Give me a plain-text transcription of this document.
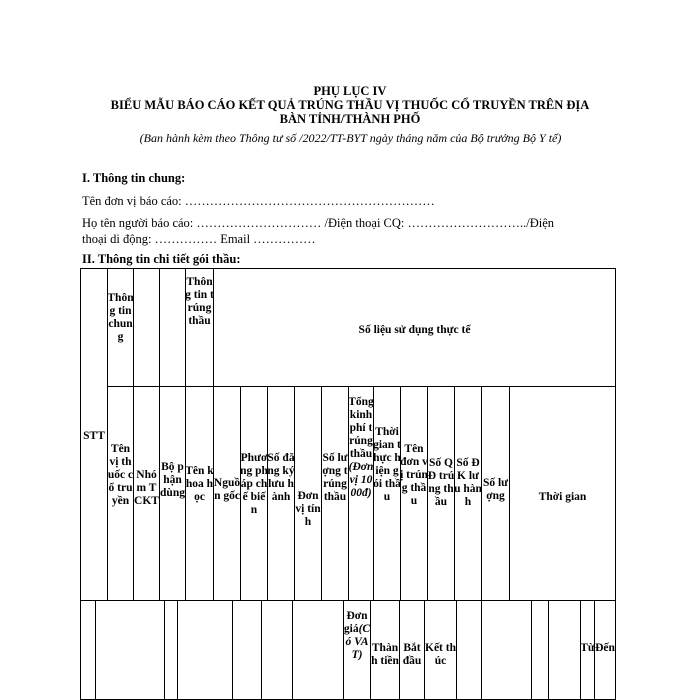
PHỤ LỤC IV
BIỂU MẪU BÁO CÁO KẾT QUẢ TRÚNG THẦU VỊ THUỐC CỔ TRUYỀN TRÊN ĐỊA
BÀN TỈNH/THÀNH PHỐ
(Ban hành kèm theo Thông tư số /2022/TT-BYT ngày tháng năm của Bộ trưởng Bộ Y tế)
I. Thông tin chung:
Tên đơn vị báo cáo: ……………………………………………………
Họ tên người báo cáo: ………………………… /Điện thoại CQ: ………………………../Điện
thoại di động: …………… Email ……………
II. Thông tin chi tiết gói thầu:
STT
Thông tin chung
Thông tin trúng thầu
Số liệu sử dụng thực tế
Tên vị thuốc cổ truyền
Nhóm TCKT
Bộ phận dùng
Tên khoa học
Nguồn gốc
Phương pháp chế biến
Số đăng ký lưu hành Đơn vị tính
Số lượng trúng thầu
Tổng kinh phí trúng thầu(Đơn vị 1000đ)
Thời gian thực hiện gói thầu
Tên đơn vị trúng thầu
Số QĐ trúng thầu
Số ĐK lưu hành
Số lượng	Thời gian
Đơn giá(Có VAT)
Thành tiền
Bắt đầu
Kết thúc
Từ Đến
